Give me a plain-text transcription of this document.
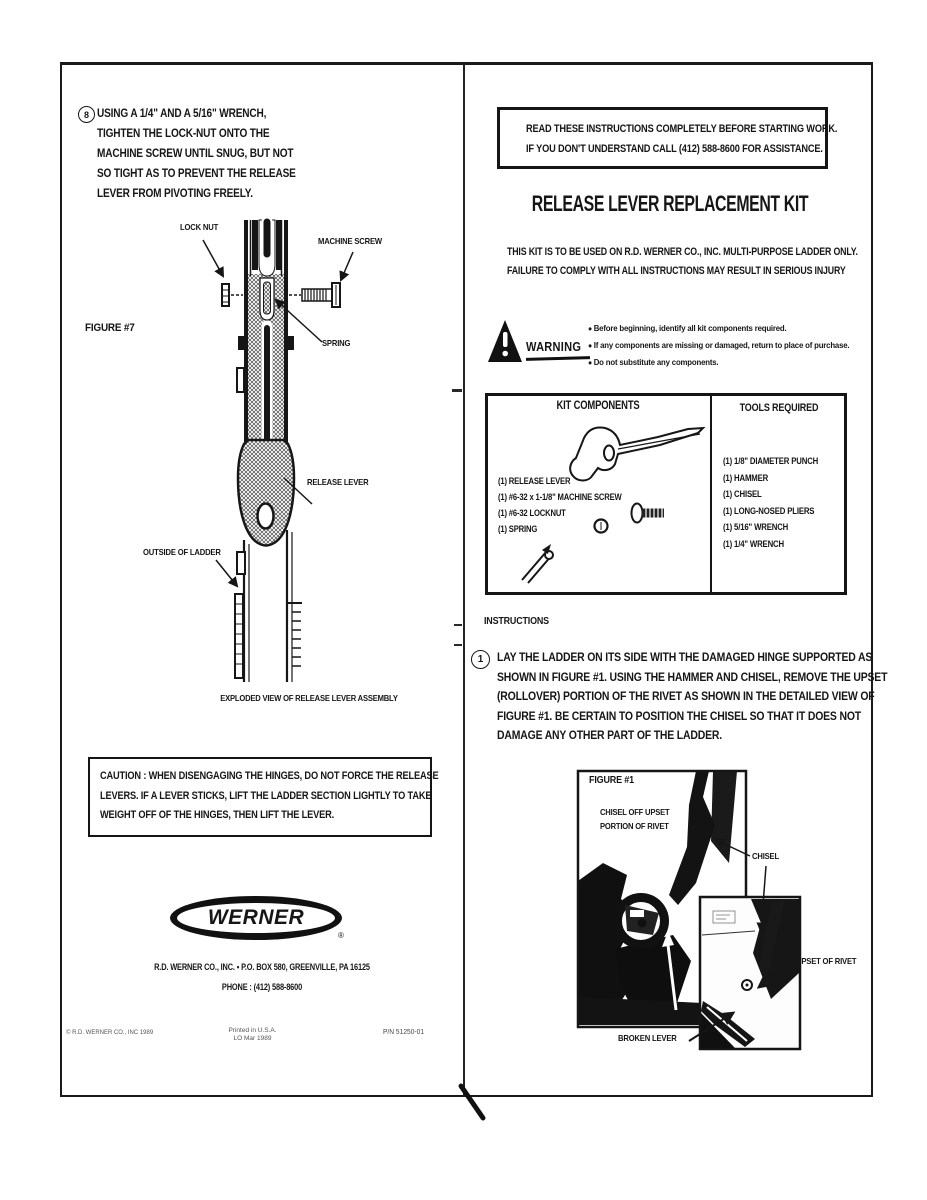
8 USING A 1/4" AND A 5/16" WRENCH,
TIGHTEN THE LOCK-NUT ONTO THE
MACHINE SCREW UNTIL SNUG, BUT NOT
SO TIGHT AS TO PREVENT THE RELEASE
LEVER FROM PIVOTING FREELY.
FIGURE #7
LOCK NUT
MACHINE SCREW
SPRING
RELEASE LEVER
OUTSIDE OF LADDER
EXPLODED VIEW OF RELEASE LEVER ASSEMBLY
CAUTION : WHEN DISENGAGING THE HINGES, DO NOT FORCE THE RELEASE
LEVERS. IF A LEVER STICKS, LIFT THE LADDER SECTION LIGHTLY TO TAKE
WEIGHT OFF OF THE HINGES, THEN LIFT THE LEVER.
WERNER
®
R.D. WERNER CO., INC. • P.O. BOX 580, GREENVILLE, PA 16125
PHONE : (412) 588-8600
© R.D. WERNER CO., INC 1989	Printed in U.S.A.
LO Mar 1989
P/N 51250-01
READ THESE INSTRUCTIONS COMPLETELY BEFORE STARTING WORK.
IF YOU DON'T UNDERSTAND CALL (412) 588-8600 FOR ASSISTANCE.
RELEASE LEVER REPLACEMENT KIT
THIS KIT IS TO BE USED ON R.D. WERNER CO., INC. MULTI-PURPOSE LADDER ONLY.
FAILURE TO COMPLY WITH ALL INSTRUCTIONS MAY RESULT IN SERIOUS INJURY
WARNING
● Before beginning, identify all kit components required.
● If any components are missing or damaged, return to place of purchase.
● Do not substitute any components.
KIT COMPONENTS	TOOLS REQUIRED
(1) RELEASE LEVER
(1) #6-32 x 1-1/8" MACHINE SCREW
(1) #6-32 LOCKNUT
(1) SPRING
(1) 1/8" DIAMETER PUNCH
(1) HAMMER
(1) CHISEL
(1) LONG-NOSED PLIERS
(1) 5/16" WRENCH
(1) 1/4" WRENCH
INSTRUCTIONS
1 LAY THE LADDER ON ITS SIDE WITH THE DAMAGED HINGE SUPPORTED AS
SHOWN IN FIGURE #1. USING THE HAMMER AND CHISEL, REMOVE THE UPSET
(ROLLOVER) PORTION OF THE RIVET AS SHOWN IN THE DETAILED VIEW OF
FIGURE #1. BE CERTAIN TO POSITION THE CHISEL SO THAT IT DOES NOT
DAMAGE ANY OTHER PART OF THE LADDER.
FIGURE #1
CHISEL OFF UPSET
PORTION OF RIVET
CHISEL
UPSET OF RIVET
BROKEN LEVER
